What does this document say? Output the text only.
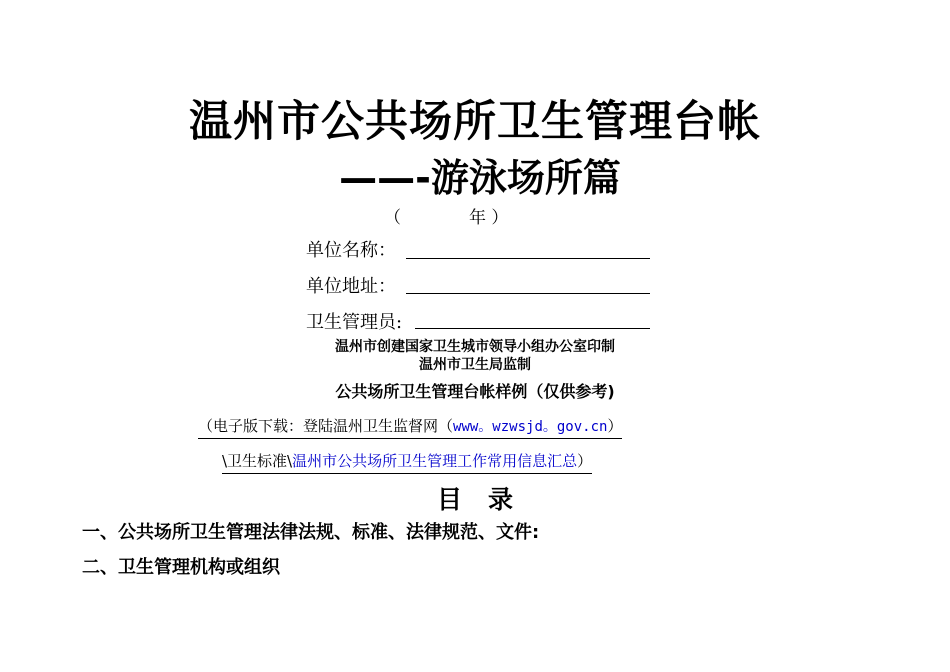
温州市公共场所卫生管理台帐
——-游泳场所篇
（	年 ）
单位名称：
单位地址：
卫生管理员:
温州市创建国家卫生城市领导小组办公室印制
温州市卫生局监制
公共场所卫生管理台帐样例（仅供参考)
（电子版下载：登陆温州卫生监督网（www。wzwsjd。gov.cn）
\卫生标准\温州市公共场所卫生管理工作常用信息汇总）
目录
一、公共场所卫生管理法律法规、标准、法律规范、文件:
二、卫生管理机构或组织
